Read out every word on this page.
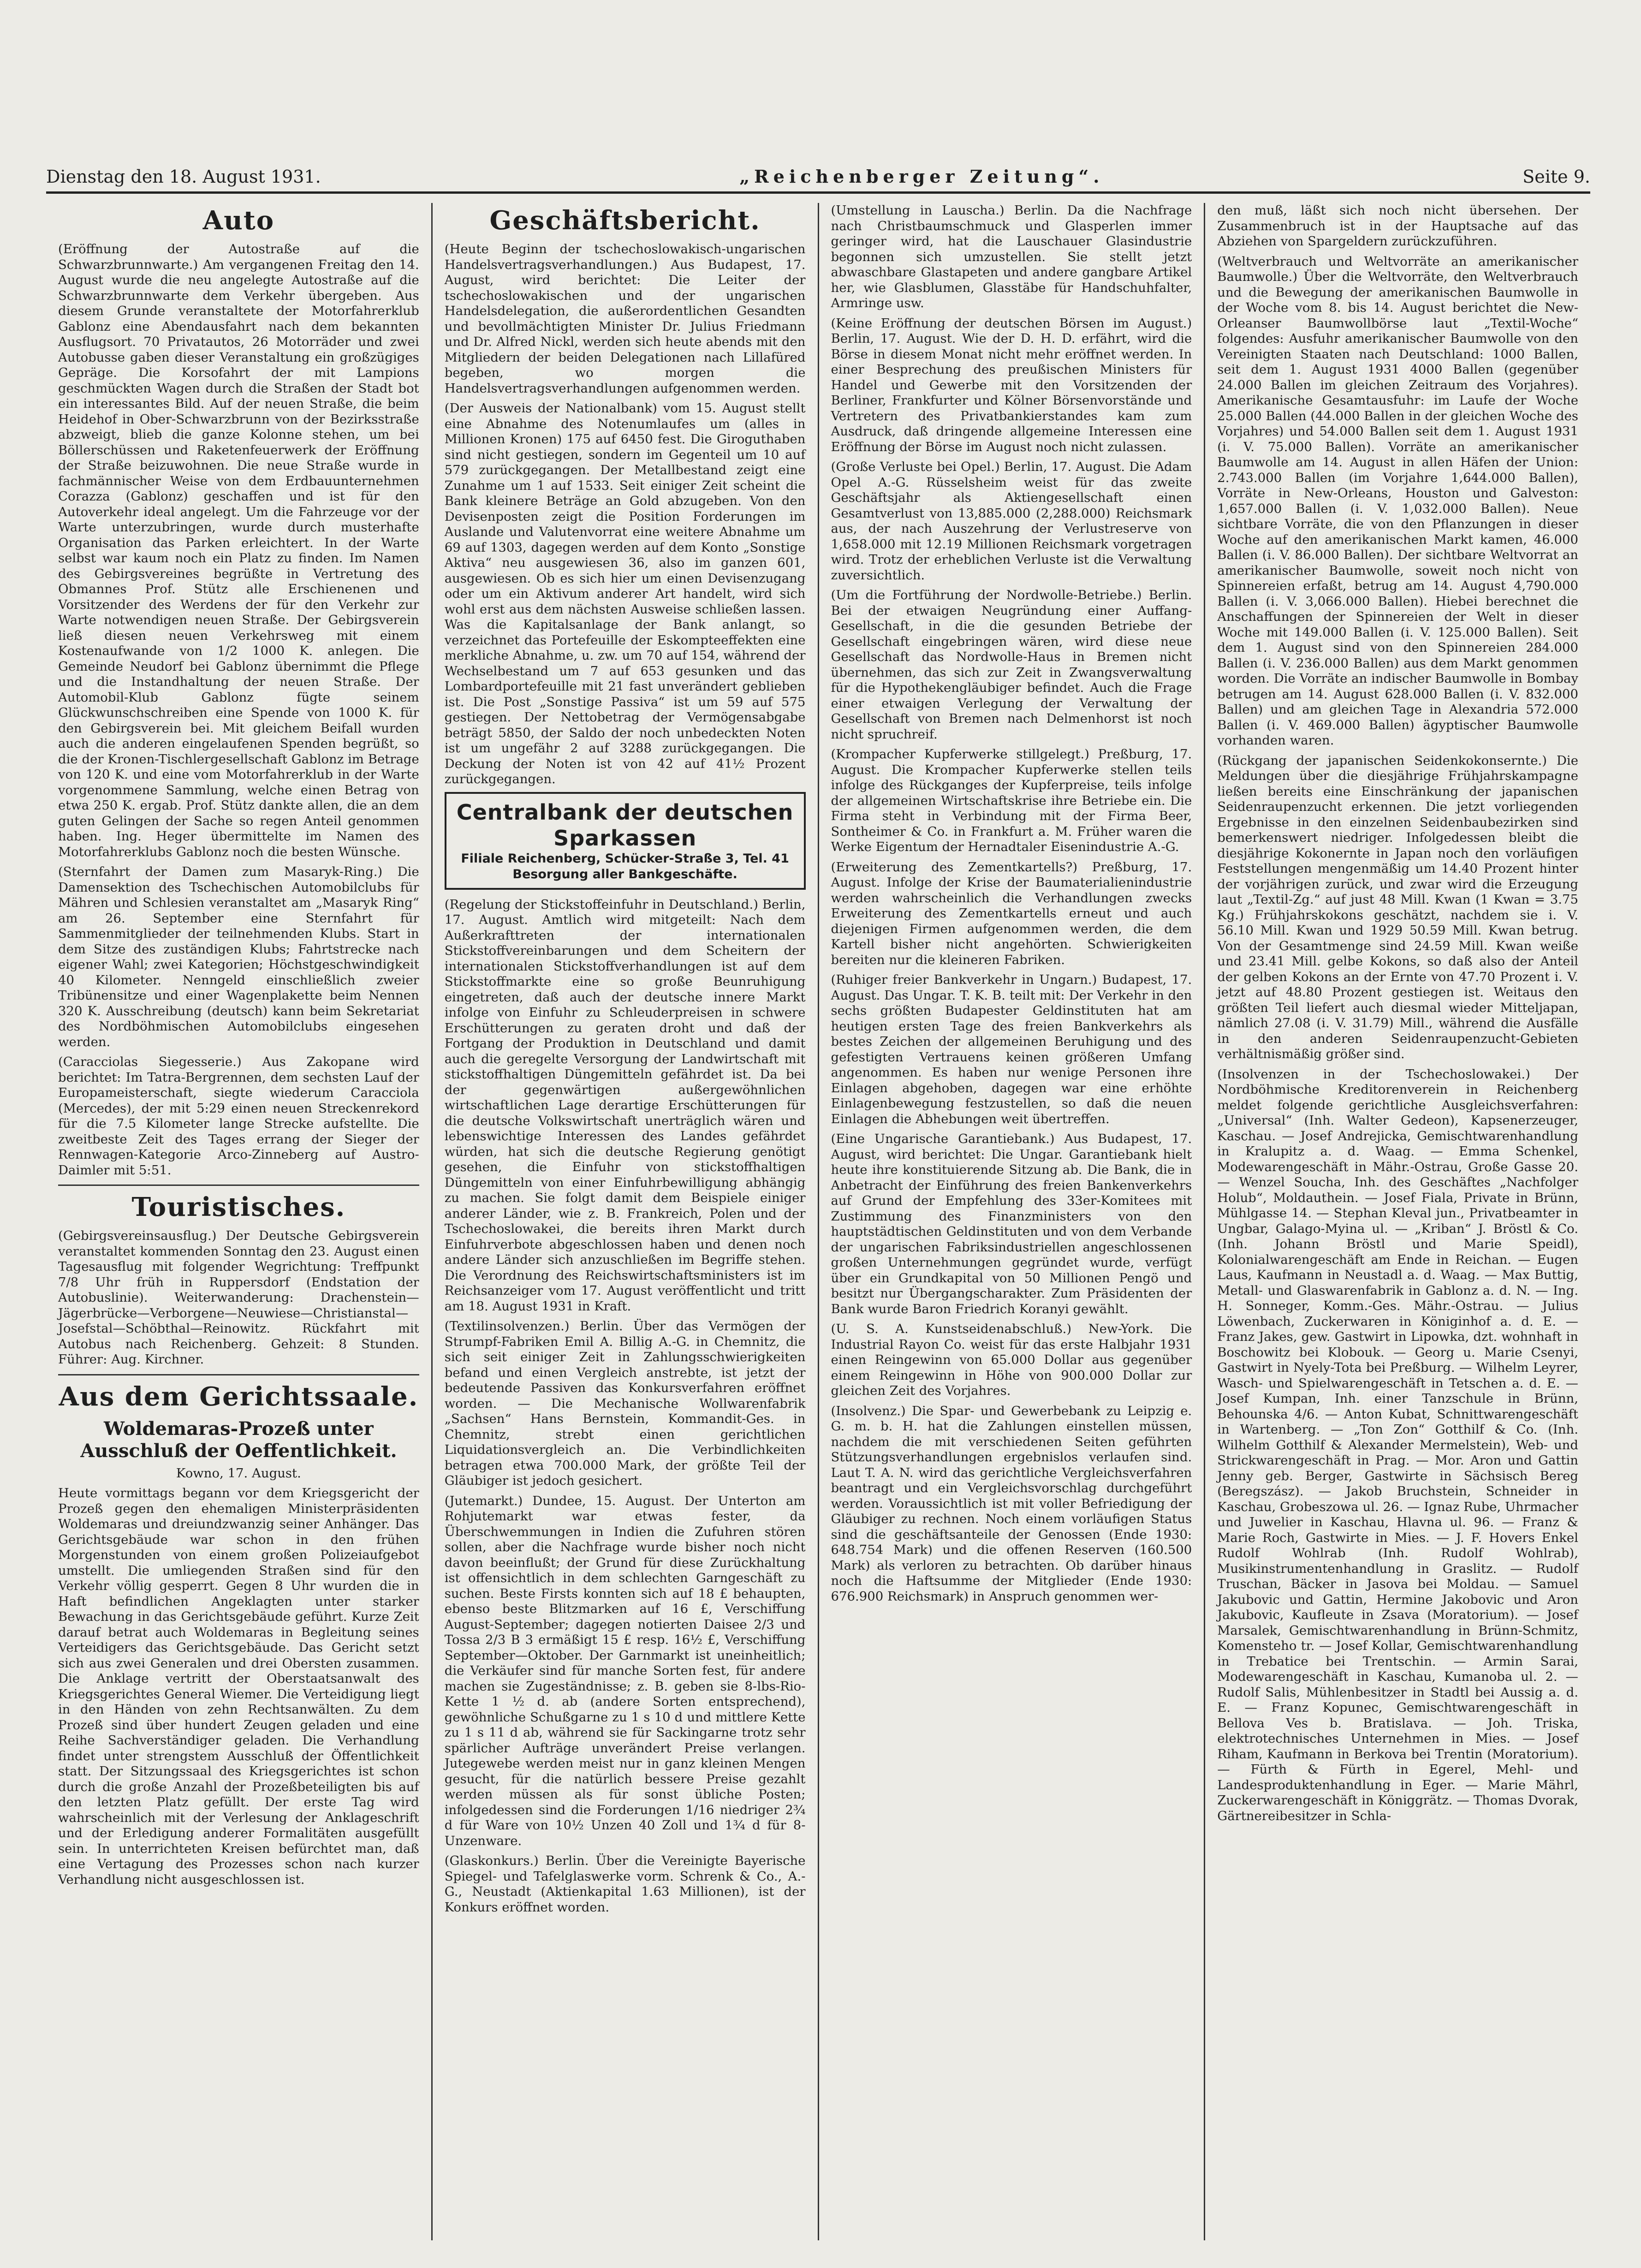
Dienstag den 18. August 1931.	„Reichenberger Zeitung“.	Seite 9.
Auto

(Eröffnung der Autostraße auf die Schwarzbrunnwarte.) Am vergangenen Freitag den 14. August wurde die neu angelegte Autostraße auf die Schwarzbrunnwarte dem Verkehr übergeben. Aus diesem Grunde veranstaltete der Motorfahrerklub Gablonz eine Abendausfahrt nach dem bekannten Ausflugsort. 70 Privatautos, 26 Motorräder und zwei Autobusse gaben dieser Veranstaltung ein großzügiges Gepräge. Die Korsofahrt der mit Lampions geschmückten Wagen durch die Straßen der Stadt bot ein interessantes Bild. Auf der neuen Straße, die beim Heidehof in Ober-Schwarzbrunn von der Bezirksstraße abzweigt, blieb die ganze Kolonne stehen, um bei Böllerschüssen und Raketenfeuerwerk der Eröffnung der Straße beizuwohnen. Die neue Straße wurde in fachmännischer Weise von dem Erdbauunternehmen Corazza (Gablonz) geschaffen und ist für den Autoverkehr ideal angelegt. Um die Fahrzeuge vor der Warte unterzubringen, wurde durch musterhafte Organisation das Parken erleichtert. In der Warte selbst war kaum noch ein Platz zu finden. Im Namen des Gebirgsvereines begrüßte in Vertretung des Obmannes Prof. Stütz alle Erschienenen und Vorsitzender des Werdens der für den Verkehr zur Warte notwendigen neuen Straße. Der Gebirgsverein ließ diesen neuen Verkehrsweg mit einem Kostenaufwande von 1/2 1000 K. anlegen. Die Gemeinde Neudorf bei Gablonz übernimmt die Pflege und die Instandhaltung der neuen Straße. Der Automobil-Klub Gablonz fügte seinem Glückwunschschreiben eine Spende von 1000 K. für den Gebirgsverein bei. Mit gleichem Beifall wurden auch die anderen eingelaufenen Spenden begrüßt, so die der Kronen-Tischlergesellschaft Gablonz im Betrage von 120 K. und eine vom Motorfahrerklub in der Warte vorgenommene Sammlung, welche einen Betrag von etwa 250 K. ergab. Prof. Stütz dankte allen, die an dem guten Gelingen der Sache so regen Anteil genommen haben. Ing. Heger übermittelte im Namen des Motorfahrerklubs Gablonz noch die besten Wünsche.

(Sternfahrt der Damen zum Masaryk-Ring.) Die Damensektion des Tschechischen Automobilclubs für Mähren und Schlesien veranstaltet am „Masaryk Ring“ am 26. September eine Sternfahrt für Sammenmitglieder der teilnehmenden Klubs. Start in dem Sitze des zuständigen Klubs; Fahrtstrecke nach eigener Wahl; zwei Kategorien; Höchstgeschwindigkeit 40 Kilometer. Nenngeld einschließlich zweier Tribünensitze und einer Wagenplakette beim Nennen 320 K. Ausschreibung (deutsch) kann beim Sekretariat des Nordböhmischen Automobilclubs eingesehen werden.

(Caracciolas Siegesserie.) Aus Zakopane wird berichtet: Im Tatra-Bergrennen, dem sechsten Lauf der Europameisterschaft, siegte wiederum Caracciola (Mercedes), der mit 5:29 einen neuen Streckenrekord für die 7.5 Kilometer lange Strecke aufstellte. Die zweitbeste Zeit des Tages errang der Sieger der Rennwagen-Kategorie Arco-Zinneberg auf Austro-Daimler mit 5:51.

Touristisches.

(Gebirgsvereinsausflug.) Der Deutsche Gebirgsverein veranstaltet kommenden Sonntag den 23. August einen Tagesausflug mit folgender Wegrichtung: Treffpunkt 7/8 Uhr früh in Ruppersdorf (Endstation der Autobuslinie). Weiterwanderung: Drachenstein—Jägerbrücke—Verborgene—Neuwiese—Christianstal—Josefstal—Schöbthal—Reinowitz. Rückfahrt mit Autobus nach Reichenberg. Gehzeit: 8 Stunden. Führer: Aug. Kirchner.

Aus dem Gerichtssaale.
Woldemaras-Prozeß unter Ausschluß der Oeffentlichkeit.

Kowno, 17. August.

Heute vormittags begann vor dem Kriegsgericht der Prozeß gegen den ehemaligen Ministerpräsidenten Woldemaras und dreiundzwanzig seiner Anhänger. Das Gerichtsgebäude war schon in den frühen Morgenstunden von einem großen Polizeiaufgebot umstellt. Die umliegenden Straßen sind für den Verkehr völlig gesperrt. Gegen 8 Uhr wurden die in Haft befindlichen Angeklagten unter starker Bewachung in das Gerichtsgebäude geführt. Kurze Zeit darauf betrat auch Woldemaras in Begleitung seines Verteidigers das Gerichtsgebäude. Das Gericht setzt sich aus zwei Generalen und drei Obersten zusammen. Die Anklage vertritt der Oberstaatsanwalt des Kriegsgerichtes General Wiemer. Die Verteidigung liegt in den Händen von zehn Rechtsanwälten. Zu dem Prozeß sind über hundert Zeugen geladen und eine Reihe Sachverständiger geladen. Die Verhandlung findet unter strengstem Ausschluß der Öffentlichkeit statt. Der Sitzungssaal des Kriegsgerichtes ist schon durch die große Anzahl der Prozeßbeteiligten bis auf den letzten Platz gefüllt. Der erste Tag wird wahrscheinlich mit der Verlesung der Anklageschrift und der Erledigung anderer Formalitäten ausgefüllt sein. In unterrichteten Kreisen befürchtet man, daß eine Vertagung des Prozesses schon nach kurzer Verhandlung nicht ausgeschlossen ist.

Geschäftsbericht.

(Heute Beginn der tschechoslowakisch-ungarischen Handelsvertragsverhandlungen.) Aus Budapest, 17. August, wird berichtet: Die Leiter der tschechoslowakischen und der ungarischen Handelsdelegation, die außerordentlichen Gesandten und bevollmächtigten Minister Dr. Julius Friedmann und Dr. Alfred Nickl, werden sich heute abends mit den Mitgliedern der beiden Delegationen nach Lillafüred begeben, wo morgen die Handelsvertragsverhandlungen aufgenommen werden.

(Der Ausweis der Nationalbank) vom 15. August stellt eine Abnahme des Notenumlaufes um (alles in Millionen Kronen) 175 auf 6450 fest. Die Giroguthaben sind nicht gestiegen, sondern im Gegenteil um 10 auf 579 zurückgegangen. Der Metallbestand zeigt eine Zunahme um 1 auf 1533. Seit einiger Zeit scheint die Bank kleinere Beträge an Gold abzugeben. Von den Devisenposten zeigt die Position Forderungen im Auslande und Valutenvorrat eine weitere Abnahme um 69 auf 1303, dagegen werden auf dem Konto „Sonstige Aktiva“ neu ausgewiesen 36, also im ganzen 601, ausgewiesen. Ob es sich hier um einen Devisenzugang oder um ein Aktivum anderer Art handelt, wird sich wohl erst aus dem nächsten Ausweise schließen lassen. Was die Kapitalsanlage der Bank anlangt, so verzeichnet das Portefeuille der Eskompteeffekten eine merkliche Abnahme, u. zw. um 70 auf 154, während der Wechselbestand um 7 auf 653 gesunken und das Lombardportefeuille mit 21 fast unverändert geblieben ist. Die Post „Sonstige Passiva“ ist um 59 auf 575 gestiegen. Der Nettobetrag der Vermögensabgabe beträgt 5850, der Saldo der noch unbedeckten Noten ist um ungefähr 2 auf 3288 zurückgegangen. Die Deckung der Noten ist von 42 auf 41½ Prozent zurückgegangen.

Centralbank der deutschen Sparkassen
Filiale Reichenberg, Schücker-Straße 3, Tel. 41
Besorgung aller Bankgeschäfte.

(Regelung der Stickstoffeinfuhr in Deutschland.) Berlin, 17. August. Amtlich wird mitgeteilt: Nach dem Außerkrafttreten der internationalen Stickstoffvereinbarungen und dem Scheitern der internationalen Stickstoffverhandlungen ist auf dem Stickstoffmarkte eine so große Beunruhigung eingetreten, daß auch der deutsche innere Markt infolge von Einfuhr zu Schleuderpreisen in schwere Erschütterungen zu geraten droht und daß der Fortgang der Produktion in Deutschland und damit auch die geregelte Versorgung der Landwirtschaft mit stickstoffhaltigen Düngemitteln gefährdet ist. Da bei der gegenwärtigen außergewöhnlichen wirtschaftlichen Lage derartige Erschütterungen für die deutsche Volkswirtschaft unerträglich wären und lebenswichtige Interessen des Landes gefährdet würden, hat sich die deutsche Regierung genötigt gesehen, die Einfuhr von stickstoffhaltigen Düngemitteln von einer Einfuhrbewilligung abhängig zu machen. Sie folgt damit dem Beispiele einiger anderer Länder, wie z. B. Frankreich, Polen und der Tschechoslowakei, die bereits ihren Markt durch Einfuhrverbote abgeschlossen haben und denen noch andere Länder sich anzuschließen im Begriffe stehen. Die Verordnung des Reichswirtschaftsministers ist im Reichsanzeiger vom 17. August veröffentlicht und tritt am 18. August 1931 in Kraft.

(Textilinsolvenzen.) Berlin. Über das Vermögen der Strumpf-Fabriken Emil A. Billig A.-G. in Chemnitz, die sich seit einiger Zeit in Zahlungsschwierigkeiten befand und einen Vergleich anstrebte, ist jetzt der bedeutende Passiven das Konkursverfahren eröffnet worden. — Die Mechanische Wollwarenfabrik „Sachsen“ Hans Bernstein, Kommandit-Ges. in Chemnitz, strebt einen gerichtlichen Liquidationsvergleich an. Die Verbindlichkeiten betragen etwa 700.000 Mark, der größte Teil der Gläubiger ist jedoch gesichert.

(Jutemarkt.) Dundee, 15. August. Der Unterton am Rohjutemarkt war etwas fester, da Überschwemmungen in Indien die Zufuhren stören sollen, aber die Nachfrage wurde bisher noch nicht davon beeinflußt; der Grund für diese Zurückhaltung ist offensichtlich in dem schlechten Garngeschäft zu suchen. Beste Firsts konnten sich auf 18 £ behaupten, ebenso beste Blitzmarken auf 16 £, Verschiffung August-September; dagegen notierten Daisee 2/3 und Tossa 2/3 B 3 ermäßigt 15 £ resp. 16½ £, Verschiffung September—Oktober. Der Garnmarkt ist uneinheitlich; die Verkäufer sind für manche Sorten fest, für andere machen sie Zugeständnisse; z. B. geben sie 8-lbs-Rio-Kette 1 ½ d. ab (andere Sorten entsprechend), gewöhnliche Schußgarne zu 1 s 10 d und mittlere Kette zu 1 s 11 d ab, während sie für Sackingarne trotz sehr spärlicher Aufträge unverändert Preise verlangen. Jutegewebe werden meist nur in ganz kleinen Mengen gesucht, für die natürlich bessere Preise gezahlt werden müssen als für sonst übliche Posten; infolgedessen sind die Forderungen 1/16 niedriger 2¾ d für Ware von 10½ Unzen 40 Zoll und 1¾ d für 8-Unzenware.

(Glaskonkurs.) Berlin. Über die Vereinigte Bayerische Spiegel- und Tafelglaswerke vorm. Schrenk & Co., A.-G., Neustadt (Aktienkapital 1.63 Millionen), ist der Konkurs eröffnet worden.

(Umstellung in Lauscha.) Berlin. Da die Nachfrage nach Christbaumschmuck und Glasperlen immer geringer wird, hat die Lauschauer Glasindustrie begonnen sich umzustellen. Sie stellt jetzt abwaschbare Glastapeten und andere gangbare Artikel her, wie Glasblumen, Glasstäbe für Handschuhfalter, Armringe usw.

(Keine Eröffnung der deutschen Börsen im August.) Berlin, 17. August. Wie der D. H. D. erfährt, wird die Börse in diesem Monat nicht mehr eröffnet werden. In einer Besprechung des preußischen Ministers für Handel und Gewerbe mit den Vorsitzenden der Berliner, Frankfurter und Kölner Börsenvorstände und Vertretern des Privatbankierstandes kam zum Ausdruck, daß dringende allgemeine Interessen eine Eröffnung der Börse im August noch nicht zulassen.

(Große Verluste bei Opel.) Berlin, 17. August. Die Adam Opel A.-G. Rüsselsheim weist für das zweite Geschäftsjahr als Aktiengesellschaft einen Gesamtverlust von 13,885.000 (2,288.000) Reichsmark aus, der nach Auszehrung der Verlustreserve von 1,658.000 mit 12.19 Millionen Reichsmark vorgetragen wird. Trotz der erheblichen Verluste ist die Verwaltung zuversichtlich.

(Um die Fortführung der Nordwolle-Betriebe.) Berlin. Bei der etwaigen Neugründung einer Auffang-Gesellschaft, in die die gesunden Betriebe der Gesellschaft eingebringen wären, wird diese neue Gesellschaft das Nordwolle-Haus in Bremen nicht übernehmen, das sich zur Zeit in Zwangsverwaltung für die Hypothekengläubiger befindet. Auch die Frage einer etwaigen Verlegung der Verwaltung der Gesellschaft von Bremen nach Delmenhorst ist noch nicht spruchreif.

(Krompacher Kupferwerke stillgelegt.) Preßburg, 17. August. Die Krompacher Kupferwerke stellen teils infolge des Rückganges der Kupferpreise, teils infolge der allgemeinen Wirtschaftskrise ihre Betriebe ein. Die Firma steht in Verbindung mit der Firma Beer, Sontheimer & Co. in Frankfurt a. M. Früher waren die Werke Eigentum der Hernadtaler Eisenindustrie A.-G.

(Erweiterung des Zementkartells?) Preßburg, 17. August. Infolge der Krise der Baumaterialienindustrie werden wahrscheinlich die Verhandlungen zwecks Erweiterung des Zementkartells erneut und auch diejenigen Firmen aufgenommen werden, die dem Kartell bisher nicht angehörten. Schwierigkeiten bereiten nur die kleineren Fabriken.

(Ruhiger freier Bankverkehr in Ungarn.) Budapest, 17. August. Das Ungar. T. K. B. teilt mit: Der Verkehr in den sechs größten Budapester Geldinstituten hat am heutigen ersten Tage des freien Bankverkehrs als bestes Zeichen der allgemeinen Beruhigung und des gefestigten Vertrauens keinen größeren Umfang angenommen. Es haben nur wenige Personen ihre Einlagen abgehoben, dagegen war eine erhöhte Einlagenbewegung festzustellen, so daß die neuen Einlagen die Abhebungen weit übertreffen.

(Eine Ungarische Garantiebank.) Aus Budapest, 17. August, wird berichtet: Die Ungar. Garantiebank hielt heute ihre konstituierende Sitzung ab. Die Bank, die in Anbetracht der Einführung des freien Bankenverkehrs auf Grund der Empfehlung des 33er-Komitees mit Zustimmung des Finanzministers von den hauptstädtischen Geldinstituten und von dem Verbande der ungarischen Fabriksindustriellen angeschlossenen großen Unternehmungen gegründet wurde, verfügt über ein Grundkapital von 50 Millionen Pengö und besitzt nur Übergangscharakter. Zum Präsidenten der Bank wurde Baron Friedrich Koranyi gewählt.

(U. S. A. Kunstseidenabschluß.) New-York. Die Industrial Rayon Co. weist für das erste Halbjahr 1931 einen Reingewinn von 65.000 Dollar aus gegenüber einem Reingewinn in Höhe von 900.000 Dollar zur gleichen Zeit des Vorjahres.

(Insolvenz.) Die Spar- und Gewerbebank zu Leipzig e. G. m. b. H. hat die Zahlungen einstellen müssen, nachdem die mit verschiedenen Seiten geführten Stützungsverhandlungen ergebnislos verlaufen sind. Laut T. A. N. wird das gerichtliche Vergleichsverfahren beantragt und ein Vergleichsvorschlag durchgeführt werden. Voraussichtlich ist mit voller Befriedigung der Gläubiger zu rechnen. Noch einem vorläufigen Status sind die geschäftsanteile der Genossen (Ende 1930: 648.754 Mark) und die offenen Reserven (160.500 Mark) als verloren zu betrachten. Ob darüber hinaus noch die Haftsumme der Mitglieder (Ende 1930: 676.900 Reichsmark) in Anspruch genommen wer-

den muß, läßt sich noch nicht übersehen. Der Zusammenbruch ist in der Hauptsache auf das Abziehen von Spargeldern zurückzuführen.

(Weltverbrauch und Weltvorräte an amerikanischer Baumwolle.) Über die Weltvorräte, den Weltverbrauch und die Bewegung der amerikanischen Baumwolle in der Woche vom 8. bis 14. August berichtet die New-Orleanser Baumwollbörse laut „Textil-Woche“ folgendes: Ausfuhr amerikanischer Baumwolle von den Vereinigten Staaten nach Deutschland: 1000 Ballen, seit dem 1. August 1931 4000 Ballen (gegenüber 24.000 Ballen im gleichen Zeitraum des Vorjahres). Amerikanische Gesamtausfuhr: im Laufe der Woche 25.000 Ballen (44.000 Ballen in der gleichen Woche des Vorjahres) und 54.000 Ballen seit dem 1. August 1931 (i. V. 75.000 Ballen). Vorräte an amerikanischer Baumwolle am 14. August in allen Häfen der Union: 2.743.000 Ballen (im Vorjahre 1,644.000 Ballen), Vorräte in New-Orleans, Houston und Galveston: 1,657.000 Ballen (i. V. 1,032.000 Ballen). Neue sichtbare Vorräte, die von den Pflanzungen in dieser Woche auf den amerikanischen Markt kamen, 46.000 Ballen (i. V. 86.000 Ballen). Der sichtbare Weltvorrat an amerikanischer Baumwolle, soweit noch nicht von Spinnereien erfaßt, betrug am 14. August 4,790.000 Ballen (i. V. 3,066.000 Ballen). Hiebei berechnet die Anschaffungen der Spinnereien der Welt in dieser Woche mit 149.000 Ballen (i. V. 125.000 Ballen). Seit dem 1. August sind von den Spinnereien 284.000 Ballen (i. V. 236.000 Ballen) aus dem Markt genommen worden. Die Vorräte an indischer Baumwolle in Bombay betrugen am 14. August 628.000 Ballen (i. V. 832.000 Ballen) und am gleichen Tage in Alexandria 572.000 Ballen (i. V. 469.000 Ballen) ägyptischer Baumwolle vorhanden waren.

(Rückgang der japanischen Seidenkokonsernte.) Die Meldungen über die diesjährige Frühjahrskampagne ließen bereits eine Einschränkung der japanischen Seidenraupenzucht erkennen. Die jetzt vorliegenden Ergebnisse in den einzelnen Seidenbaubezirken sind bemerkenswert niedriger. Infolgedessen bleibt die diesjährige Kokonernte in Japan noch den vorläufigen Feststellungen mengenmäßig um 14.40 Prozent hinter der vorjährigen zurück, und zwar wird die Erzeugung laut „Textil-Zg.“ auf just 48 Mill. Kwan (1 Kwan = 3.75 Kg.) Frühjahrskokons geschätzt, nachdem sie i. V. 56.10 Mill. Kwan und 1929 50.59 Mill. Kwan betrug. Von der Gesamtmenge sind 24.59 Mill. Kwan weiße und 23.41 Mill. gelbe Kokons, so daß also der Anteil der gelben Kokons an der Ernte von 47.70 Prozent i. V. jetzt auf 48.80 Prozent gestiegen ist. Weitaus den größten Teil liefert auch diesmal wieder Mitteljapan, nämlich 27.08 (i. V. 31.79) Mill., während die Ausfälle in den anderen Seidenraupenzucht-Gebieten verhältnismäßig größer sind.

(Insolvenzen in der Tschechoslowakei.) Der Nordböhmische Kreditorenverein in Reichenberg meldet folgende gerichtliche Ausgleichsverfahren: „Universal“ (Inh. Walter Gedeon), Kapsenerzeuger, Kaschau. — Josef Andrejicka, Gemischtwarenhandlung in Kralupitz a. d. Waag. — Emma Schenkel, Modewarengeschäft in Mähr.-Ostrau, Große Gasse 20. — Wenzel Soucha, Inh. des Geschäftes „Nachfolger Holub“, Moldauthein. — Josef Fiala, Private in Brünn, Mühlgasse 14. — Stephan Kleval jun., Privatbeamter in Ungbar, Galago-Myina ul. — „Kriban“ J. Bröstl & Co. (Inh. Johann Bröstl und Marie Speidl), Kolonialwarengeschäft am Ende in Reichan. — Eugen Laus, Kaufmann in Neustadl a. d. Waag. — Max Buttig, Metall- und Glaswarenfabrik in Gablonz a. d. N. — Ing. H. Sonneger, Komm.-Ges. Mähr.-Ostrau. — Julius Löwenbach, Zuckerwaren in Königinhof a. d. E. — Franz Jakes, gew. Gastwirt in Lipowka, dzt. wohnhaft in Boschowitz bei Klobouk. — Georg u. Marie Csenyi, Gastwirt in Nyely-Tota bei Preßburg. — Wilhelm Leyrer, Wasch- und Spielwarengeschäft in Tetschen a. d. E. — Josef Kumpan, Inh. einer Tanzschule in Brünn, Behounska 4/6. — Anton Kubat, Schnittwarengeschäft in Wartenberg. — „Ton Zon“ Gotthilf & Co. (Inh. Wilhelm Gotthilf & Alexander Mermelstein), Web- und Strickwarengeschäft in Prag. — Mor. Aron und Gattin Jenny geb. Berger, Gastwirte in Sächsisch Bereg (Beregszász). — Jakob Bruchstein, Schneider in Kaschau, Grobeszowa ul. 26. — Ignaz Rube, Uhrmacher und Juwelier in Kaschau, Hlavna ul. 96. — Franz & Marie Roch, Gastwirte in Mies. — J. F. Hovers Enkel Rudolf Wohlrab (Inh. Rudolf Wohlrab), Musikinstrumentenhandlung in Graslitz. — Rudolf Truschan, Bäcker in Jasova bei Moldau. — Samuel Jakubovic und Gattin, Hermine Jakobovic und Aron Jakubovic, Kaufleute in Zsava (Moratorium). — Josef Marsalek, Gemischtwarenhandlung in Brünn-Schmitz, Komensteho tr. — Josef Kollar, Gemischtwarenhandlung in Trebatice bei Trentschin. — Armin Sarai, Modewarengeschäft in Kaschau, Kumanoba ul. 2. — Rudolf Salis, Mühlenbesitzer in Stadtl bei Aussig a. d. E. — Franz Kopunec, Gemischtwarengeschäft in Bellova Ves b. Bratislava. — Joh. Triska, elektrotechnisches Unternehmen in Mies. — Josef Riham, Kaufmann in Berkova bei Trentin (Moratorium). — Fürth & Fürth in Egerel, Mehl- und Landesproduktenhandlung in Eger. — Marie Mährl, Zuckerwarengeschäft in Königgrätz. — Thomas Dvorak, Gärtnereibesitzer in Schla-
